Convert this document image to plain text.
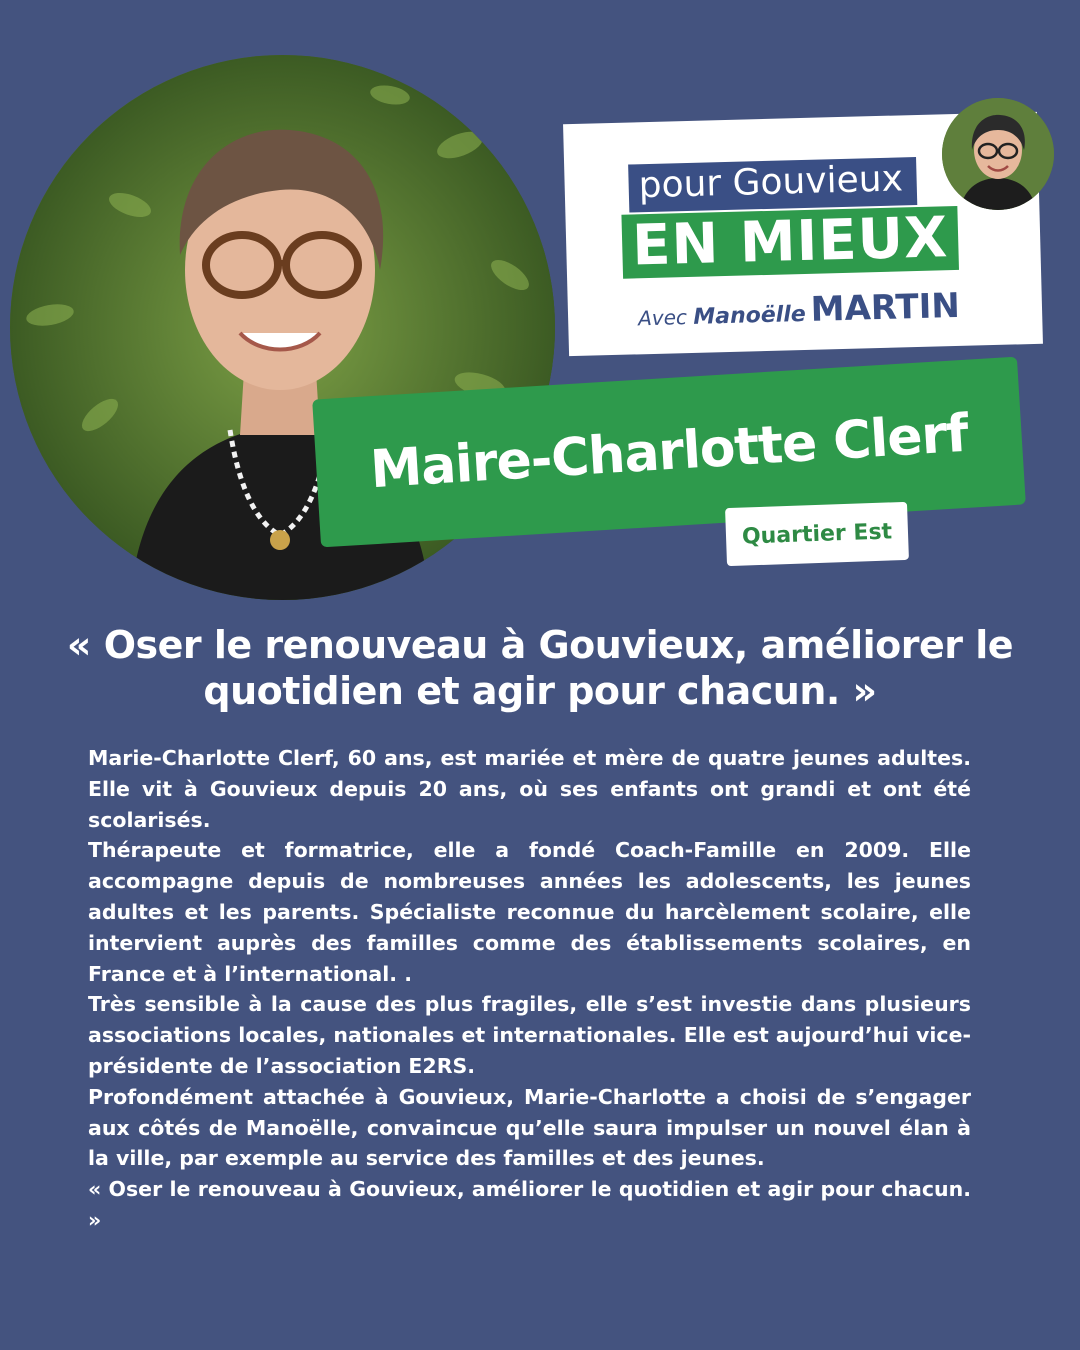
pour Gouvieux
EN MIEUX
Avec Manoëlle MARTIN
Maire-Charlotte Clerf
Quartier Est
« Oser le renouveau à Gouvieux, améliorer le quotidien et agir pour chacun. »

Marie-Charlotte Clerf, 60 ans, est mariée et mère de quatre jeunes adultes. Elle vit à Gouvieux depuis 20 ans, où ses enfants ont grandi et ont été scolarisés.

Thérapeute et formatrice, elle a fondé Coach-Famille en 2009. Elle accompagne depuis de nombreuses années les adolescents, les jeunes adultes et les parents. Spécialiste reconnue du harcèlement scolaire, elle intervient auprès des familles comme des établissements scolaires, en France et à l’international. .

Très sensible à la cause des plus fragiles, elle s’est investie dans plusieurs associations locales, nationales et internationales. Elle est aujourd’hui vice-présidente de l’association E2RS.

Profondément attachée à Gouvieux, Marie-Charlotte a choisi de s’engager aux côtés de Manoëlle, convaincue qu’elle saura impulser un nouvel élan à la ville, par exemple au service des familles et des jeunes.

« Oser le renouveau à Gouvieux, améliorer le quotidien et agir pour chacun. »
